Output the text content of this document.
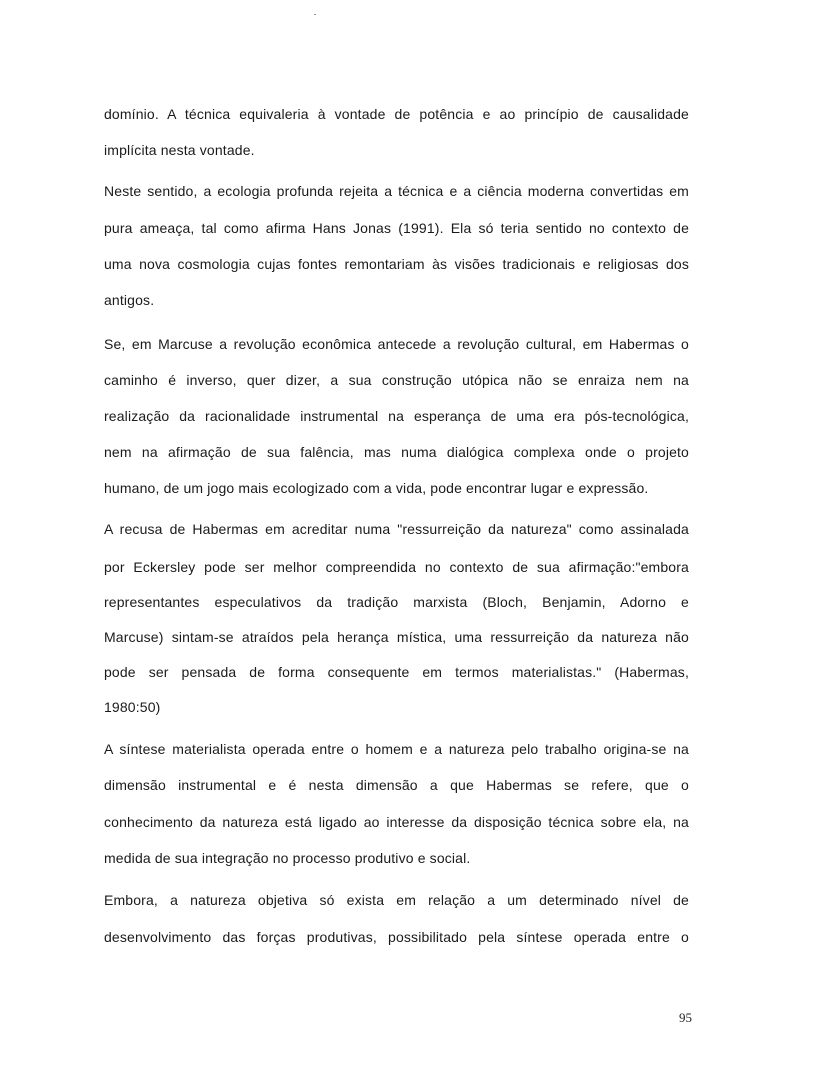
domínio. A técnica equivaleria à vontade de potência e ao princípio de causalidade
implícita nesta vontade.
Neste sentido, a ecologia profunda rejeita a técnica e a ciência moderna convertidas em
pura ameaça, tal como afirma Hans Jonas (1991). Ela só teria sentido no contexto de
uma nova cosmologia cujas fontes remontariam às visões tradicionais e religiosas dos
antigos.
Se, em Marcuse a revolução econômica antecede a revolução cultural, em Habermas o
caminho é inverso, quer dizer, a sua construção utópica não se enraiza nem na
realização da racionalidade instrumental na esperança de uma era pós-tecnológica,
nem na afirmação de sua falência, mas numa dialógica complexa onde o projeto
humano, de um jogo mais ecologizado com a vida, pode encontrar lugar e expressão.
A recusa de Habermas em acreditar numa "ressurreição da natureza" como assinalada
por Eckersley pode ser melhor compreendida no contexto de sua afirmação:"embora
representantes especulativos da tradição marxista (Bloch, Benjamin, Adorno e
Marcuse) sintam-se atraídos pela herança mística, uma ressurreição da natureza não
pode ser pensada de forma consequente em termos materialistas." (Habermas,
1980:50)
A síntese materialista operada entre o homem e a natureza pelo trabalho origina-se na
dimensão instrumental e é nesta dimensão a que Habermas se refere, que o
conhecimento da natureza está ligado ao interesse da disposição técnica sobre ela, na
medida de sua integração no processo produtivo e social.
Embora, a natureza objetiva só exista em relação a um determinado nível de
desenvolvimento das forças produtivas, possibilitado pela síntese operada entre o
95
